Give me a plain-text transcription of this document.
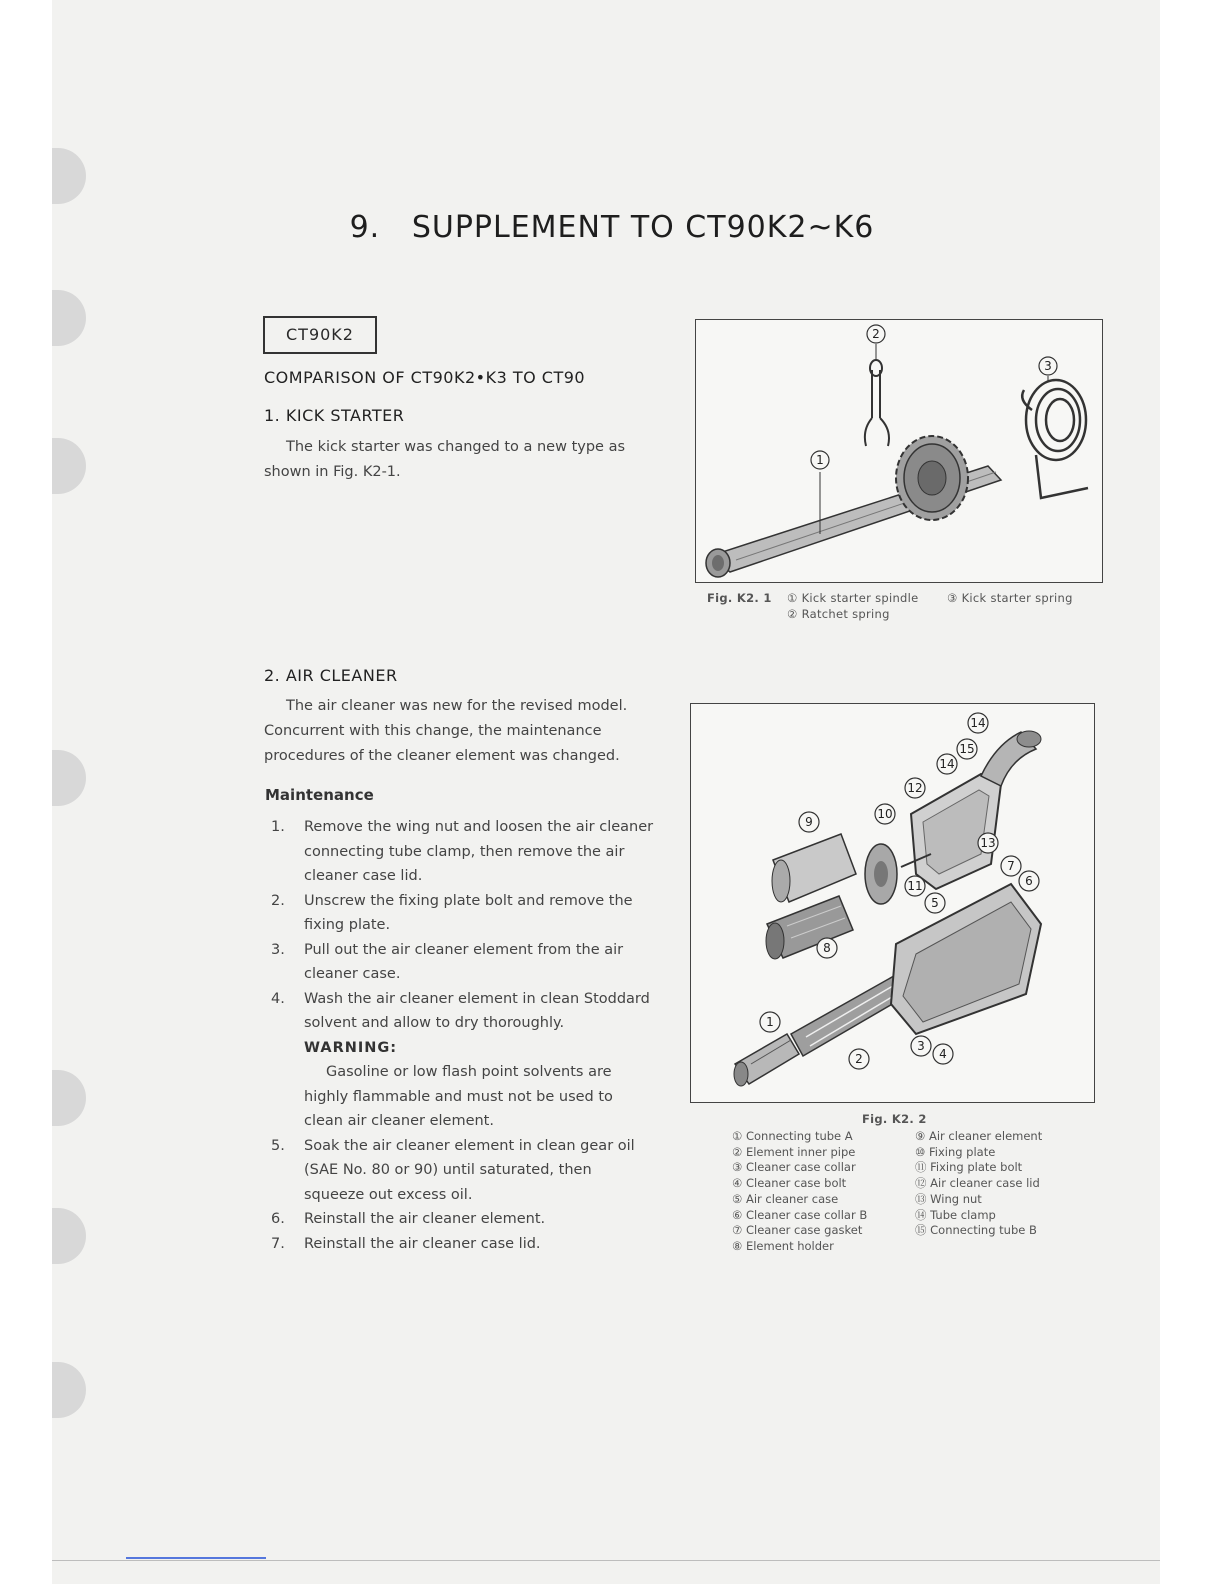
9.   SUPPLEMENT TO CT90K2~K6
CT90K2
COMPARISON OF CT90K2•K3 TO CT90
1. KICK STARTER
The kick starter was changed to a new type as shown in Fig. K2-1.
2. AIR CLEANER
The air cleaner was new for the revised model. Concurrent with this change, the maintenance procedures of the cleaner element was changed.
Maintenance
1. Remove the wing nut and loosen the air cleaner connecting tube clamp, then remove the air cleaner case lid.
2. Unscrew the fixing plate bolt and remove the fixing plate.
3. Pull out the air cleaner element from the air cleaner case.
4. Wash the air cleaner element in clean Stoddard solvent and allow to dry thoroughly.
WARNING:
Gasoline or low flash point solvents are highly flammable and must not be used to clean air cleaner element.
5. Soak the air cleaner element in clean gear oil (SAE No. 80 or 90) until saturated, then squeeze out excess oil.
6. Reinstall the air cleaner element.
7. Reinstall the air cleaner case lid.
1
2
3
Fig. K2. 1 ① Kick starter spindle ③ Kick starter spring
② Ratchet spring
1
2
3
4
5
6
7
8
9
10
11
12
13
14
14
15
Fig. K2. 2
① Connecting tube A
② Element inner pipe
③ Cleaner case collar
④ Cleaner case bolt
⑤ Air cleaner case
⑥ Cleaner case collar B
⑦ Cleaner case gasket
⑧ Element holder
⑨ Air cleaner element
⑩ Fixing plate
⑪ Fixing plate bolt
⑫ Air cleaner case lid
⑬ Wing nut
⑭ Tube clamp
⑮ Connecting tube B
